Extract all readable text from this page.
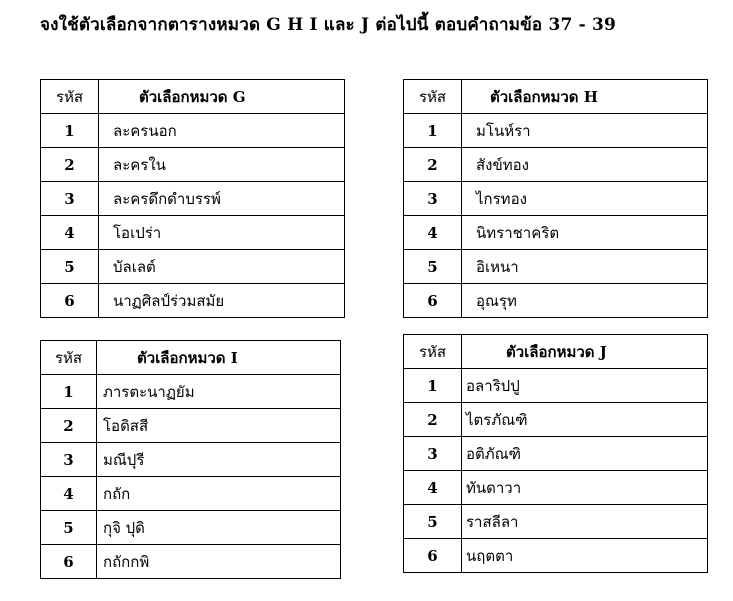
จงใช้ตัวเลือกจากตารางหมวด G H I และ J ต่อไปนี้ ตอบคำถามข้อ 37 - 39
รหัส	ตัวเลือกหมวด G
1	ละครนอก
2	ละครใน
3	ละครดึกดำบรรพ์
4	โอเปร่า
5	บัลเลต์
6	นาฏศิลป์ร่วมสมัย
รหัส	ตัวเลือกหมวด H
1	มโนห์รา
2	สังข์ทอง
3	ไกรทอง
4	นิทราชาคริต
5	อิเหนา
6	อุณรุท
รหัส	ตัวเลือกหมวด I
1	ภารตะนาฏยัม
2	โอดิสสี
3	มณีปุรี
4	กถัก
5	กุจิ ปุดิ
6	กถักกพิ
รหัส	ตัวเลือกหมวด J
1	อลาริปปู
2	ไตรภัณฑิ
3	อติภัณฑิ
4	ทันดาวา
5	ราสลีลา
6	นฤตตา
